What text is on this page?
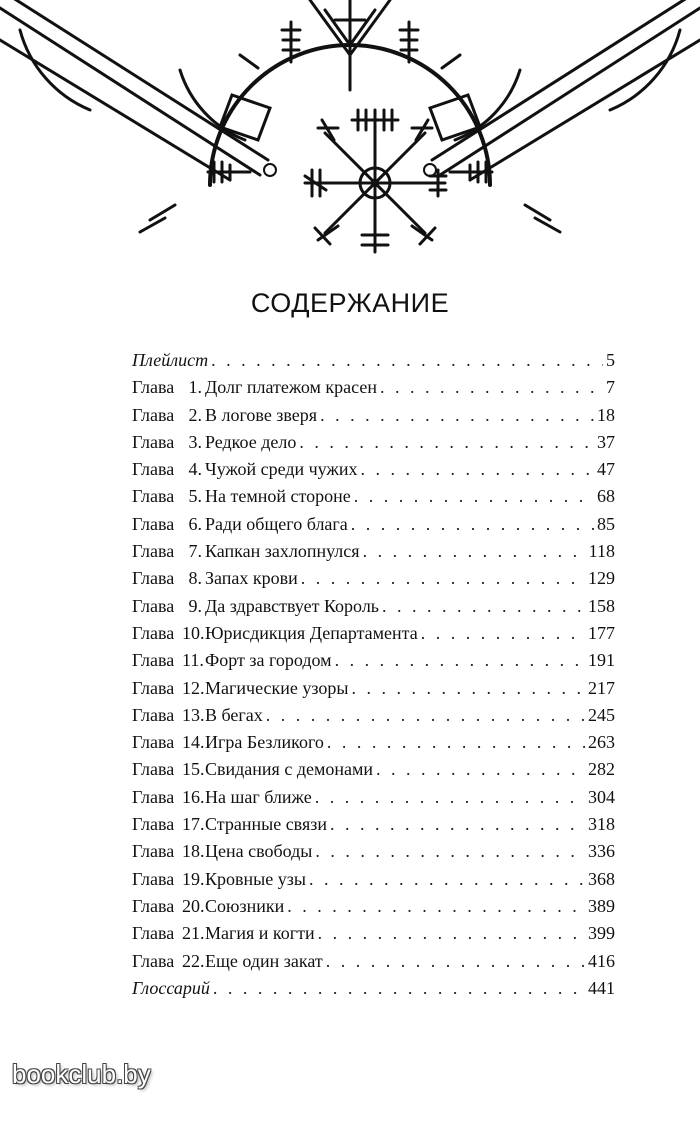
СОДЕРЖАНИЕ
Плейлист . . .	5
Глава 1. Долг платежом красен . . .	7
Глава 2. В логове зверя . . .	18
Глава 3. Редкое дело . . .	37
Глава 4. Чужой среди чужих . . .	47
Глава 5. На темной стороне . . .	68
Глава 6. Ради общего блага . . .	85
Глава 7. Капкан захлопнулся . . .	118
Глава 8. Запах крови . . .	129
Глава 9. Да здравствует Король . . .	158
Глава 10. Юрисдикция Департамента . . .	177
Глава 11. Форт за городом . . .	191
Глава 12. Магические узоры . . .	217
Глава 13. В бегах . . .	245
Глава 14. Игра Безликого . . .	263
Глава 15. Свидания с демонами . . .	282
Глава 16. На шаг ближе . . .	304
Глава 17. Странные связи . . .	318
Глава 18. Цена свободы . . .	336
Глава 19. Кровные узы . . .	368
Глава 20. Союзники . . .	389
Глава 21. Магия и когти . . .	399
Глава 22. Еще один закат . . .	416
Глоссарий . . .	441
bookclub.by
